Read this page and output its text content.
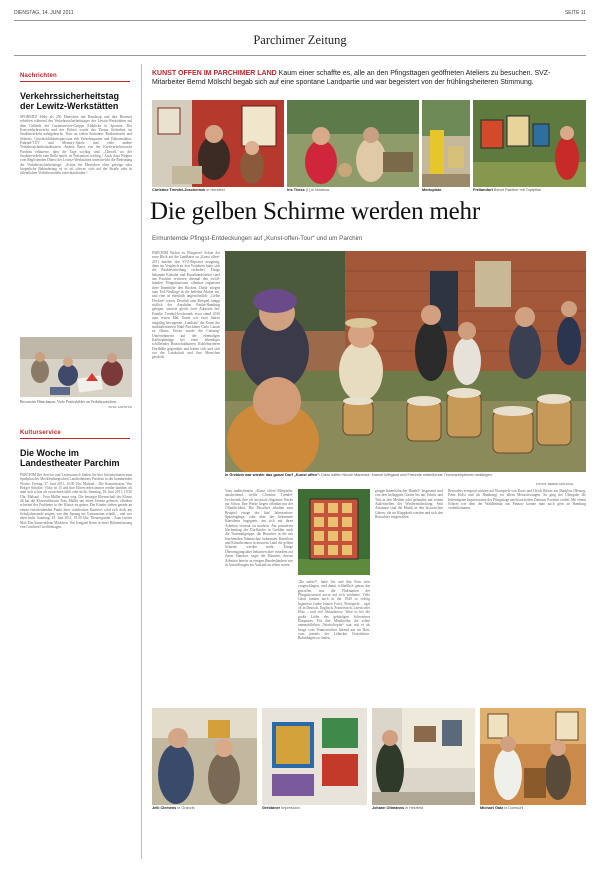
DIENSTAG, 14. JUNI 2011	SEITE 11
Parchimer Zeitung
Nachrichten
Verkehrssicherheitstag der Lewitz-Werkstätten
SPORNITZ Mehr als 250 Menschen mit Handicap und ihre Betreuer erhielten während des Verkehrssicherheitstages der Lewitz-Werkstätten auf dem Gelände der Gartenservice-Gruppe Einblicke in Spornitz. Der Kreisverkehrswacht und der Polizei wurde das Thema Sicherheit im Straßenverkehr nahegebracht. Tests an vielen Stationen: Reaktionszeit und Sehtests, Geschicklichkeitsparcours mit Verkehrsgarten und Fahrsimulator, Fahrrad-TÜV und Memory-Spiele und viele andere Verkehrssicherheitsaktionen. Andrea Bartz von der Kreisverkehrswacht Parchim erläuterte, dass die Tage wichtig sind. „Überall, wo der Straßenverkehr eine Rolle spielt, ist Prävention wichtig.“ Auch Anja Wegner vom Begleitenden Dienst der Lewitz-Werkstätten unterstreicht die Bedeutung der Verkehrssicherheitstage. „Schon für Menschen ohne geistige oder körperliche Behinderung ist es oft schwer, sich auf der Straße oder in öffentlichen Verkehrsmitteln zurechtzufinden.“
Bewusstes Hinschauen: Viele Positivbilder an Verkehrszeichen.
FOTO: AGENTUR
Kulturservice
Die Woche im Landestheater Parchim
PARCHIM Bei Service und Leserwunsch finden Sie hier Informationen zum Spielplan des Mecklenburgischen Landestheaters Parchim in der kommenden Woche: Freitag, 17. Juni 2011, 10.00 Uhr, Malsaal – Die Kommissarin. Von Holger Schober. Vicky ist 15 und ihre Eltern reden immer wieder darüber, ob man sich schon als erwachsen fühlt oder nicht. Samstag, 18. Juni 2011, 19.30 Uhr, Malsaal – Frau Müller muss weg. Die besorgte Elternschaft der Klasse 4b hat die Klassenlehrerin Frau Müller um einen Termin gebeten, offenbar schreitet der Probleme in der Klasse zu gehen. Die Kinder stehen gerade an einem entscheidenden Punkt ihrer schulischen Karriere, wird sich doch am Schuljahresende zeigen, wer den Sprung ins Gymnasium schafft – und wer eben nicht. Samstag, 18. Juni 2011, 19.30 Uhr, Theatergarten – Zum letzten Mal: Das kunstseidene Mädchen. Von Irmgard Keun in einer Bühnenfassung von Gottfried Greiffenhagen.
KUNST OFFEN IM PARCHIMER LAND Kaum einer schaffte es, alle an den Pfingsttagen geöffneten Ateliers zu besuchen. SVZ-Mitarbeiter Bernd Mölschl begab sich auf eine spontane Landpartie und war begeistert von der frühlingsheiteren Stimmung.
Christine Trendel-Joschernek in Herzfeld	Iris Thess (l.) in Matzlow	Mortopiste	Freilandort Bernd Raether mit Topfpflan
Die gelben Schirme werden mehr
Ermunternde Pfingst-Entdeckungen auf „Kunst-offen-Tour“ und um Parchim
PARCHIM Wohin zu Pfingsten? Schon der erste Blick auf die Landkarte zu „Kunst offen“ 2011 machte den SVZ-Reporter neugierig, denn im Vergleich zu den Vorjahren hatte sich die Punktevorteilung verändert. Einige bekannte Künstler und Kunsthandwerker rund um Parchim erwiesen diesmal den zwölf-hundert Pfingsttouristen offenbar zugunsten ihrer Innenhöfe den Rücken. Dafür stiegen zum Teil Neulinge in die beliebte Aktion ein, und eine ist ebenfalls ungewöhnlich: „Gelbe Flecken“ waren. Deutlich zum Beispiel, knapp südlich der Autobahn Berlin-Hamburg gelegen, steuerte gleich zwei Adressen bei: Familie Trendel-Joschernek etwa stand 2010 zum ersten Mal. Ihnen wir zwei Jahren entgültig bewogenen „Landsitz“ der Kunst des multitalentierten Wahl-Parchimer Carlo Canals zu öffnen. Etwas wurde die Catering-Unternehmerin auf der ehemaligen Kaffeeplantage bei einer lebendiges schillerndes Hausschubkarren, Kohleburrieren Dorfhölle gegenüber und hatten sich und sich vor der Landschaft und ihre Menschen geschäft.
In Grebbin war wieder das ganze Dorf „Kunst offen“: Dazu halfen Nicole Manecke, Marcel Wiegand und Freunde mitreißende Trommelrhythmen anklingen.
FOTOS: BERND MÖLSCHL
Vom multitalenten „Kunst offen“-Mitspieler, anscheinend, stellte Christine Trendel-Joschernek ihre oft mystisch-filigranen Werke zur Schau. Ihre Werke liegen offenbar nur der Öffentlichkeit. Die Besucher erhalten zum Beispiel einige der fünf Jahreszeiten-Spaziergänge, oder aber der bekannten Künstlerin begegnen, um sich mit ihren Arbeiten vertraut zu machen. Am pausierten Nachmittag der Dorfkirche in Grebbin auch die Trommelgruppe, die Besucher in die mit leuchtenden Stämmchen bekannten Künstlern und Künstlerinnen in unserem Land die gelben Schirme werden mehr. Einige Überzeugungstäter beharrten aber trotzdem auf ihrem Standort, sagte der Künstler, dessen Arbeiten bereits in einigen Bundesländern wie in Ausstellungen im Ausland zu sehen waren.
„Da unbei!“, hatte Iris und ihre Frau stets vorgeschlagen, und damit schließlich genau das getroffen, was die Fluktuation der Pfingsttouristen zuvor auf sich verdiente. Viele Gäste fanden auch in der 1940 so richtig Ingenieur (siehe letzten Foto), Wortspiele – egal ob in Deutsch, Englisch, Französisch, Latein oder Platt – und viel Akkuratesse. Wird es bei die große Liebe des gebürtigen Schweriner Ehepaares: Für ihre Musikreihe, die selbst unermüdlichen „Wortschöpfer“ war, mit er als Junge vom Tenniswächter hörend aus im Hort, vom jenseits der Lübecker Ostseeküste. Rubinhagen zu finden.
gruppe Innenhöfischer Handel“ Insgesamt sind von den beflaggten Gärten bis auf Schritt und Tritt in den Medien oder gefunden mit seinen Außenwelten der Wiederentdeckung: Sein Ansinnen sind die Musik in den historischen Gütern, die im Klappkorb werden und sich den Betrachter mitgestalten.
Besonders erregend wirkten auf Wortspiele von Doris und Ulrich Bässer aus Mathlow (Herzog, Prinz Holst und als Hamburg) vor allem Metaschwingen. So ging der Übergabe die lebendigsten Impressionen der Pfingsttage am historischen Zentrum Parchim vorbei. Mit einem Schirm wie dem der Wahlheimat aus Pinnow konnte man auch gern an Hamburg vorbeikommen.
Jelli Clemens in Granzin	Grebbiner Impression	Johann Oltmanns in Herzfeld	Michael Gatz in Domsühl
